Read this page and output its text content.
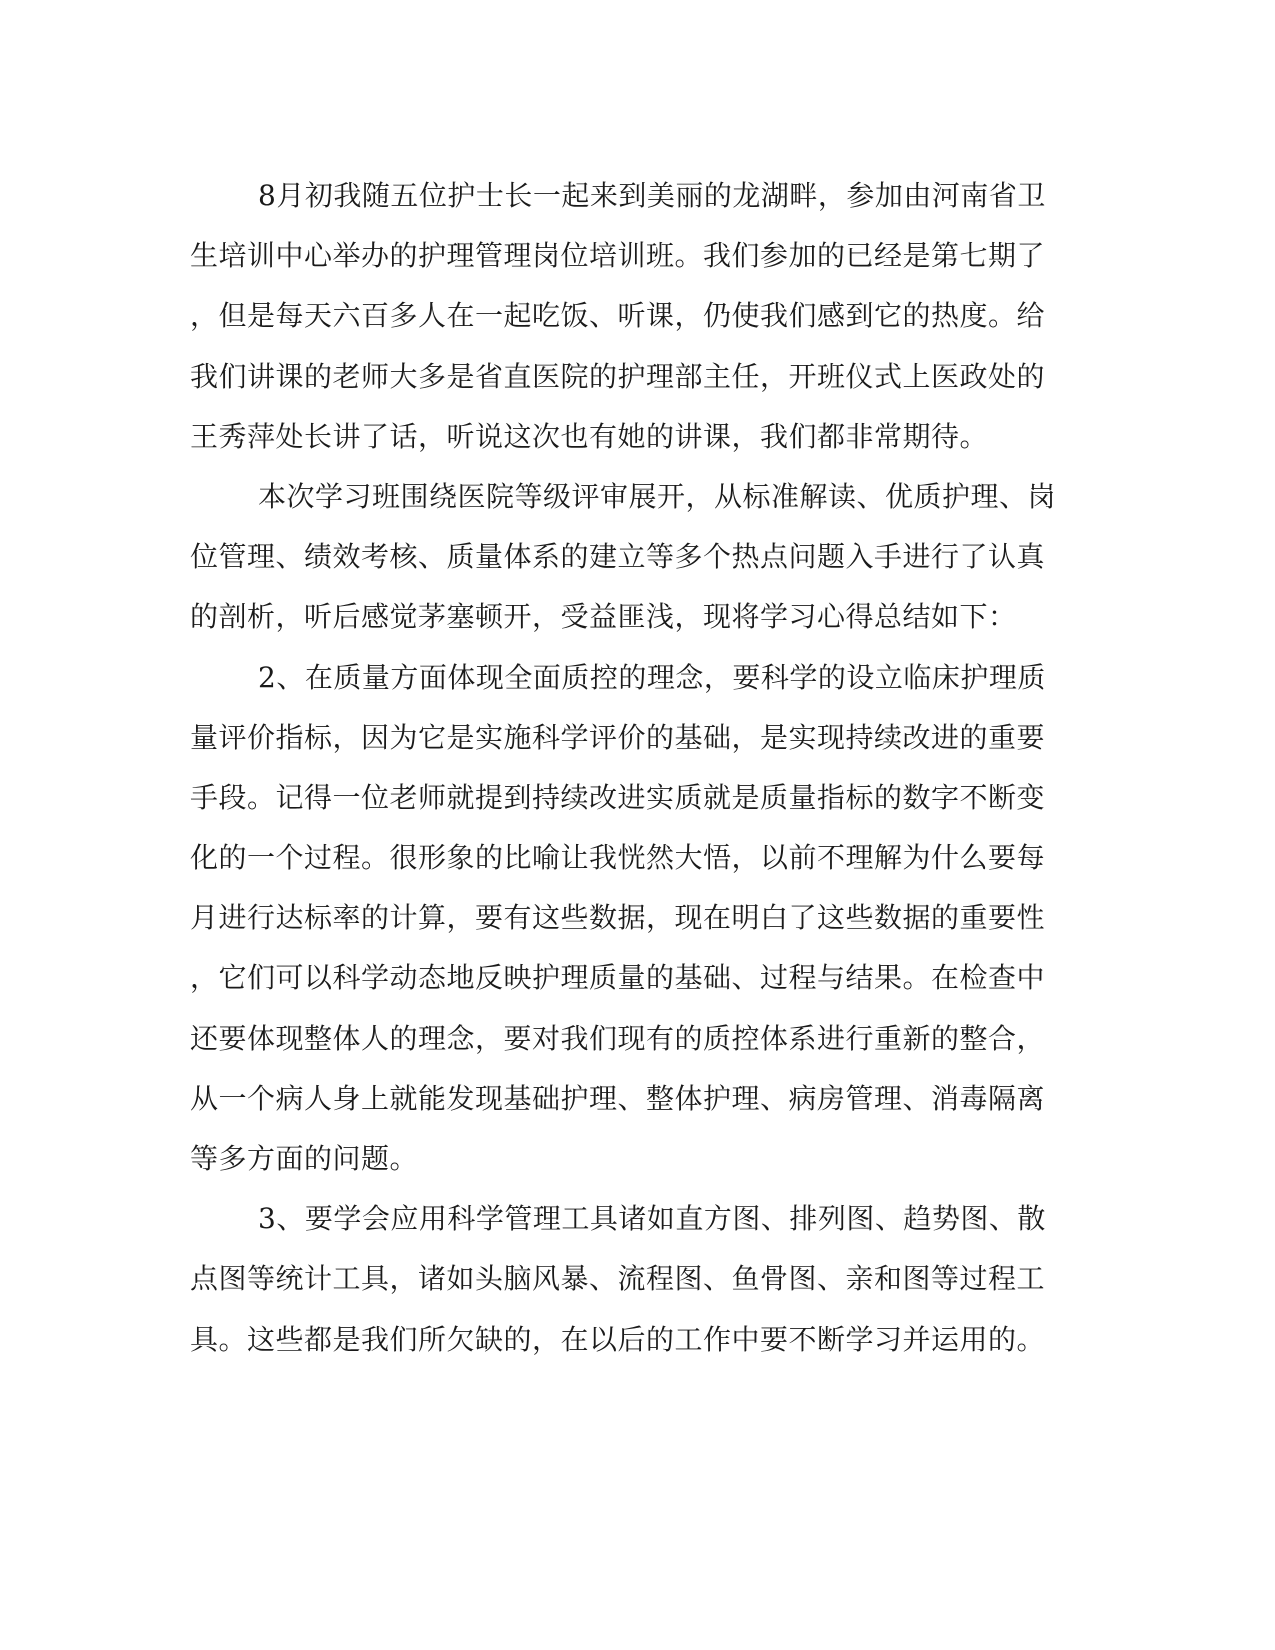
8月初我随五位护士长一起来到美丽的龙湖畔，参加由河南省卫
生培训中心举办的护理管理岗位培训班。我们参加的已经是第七期了
，但是每天六百多人在一起吃饭、听课，仍使我们感到它的热度。给
我们讲课的老师大多是省直医院的护理部主任，开班仪式上医政处的
王秀萍处长讲了话，听说这次也有她的讲课，我们都非常期待。
本次学习班围绕医院等级评审展开，从标准解读、优质护理、岗
位管理、绩效考核、质量体系的建立等多个热点问题入手进行了认真
的剖析，听后感觉茅塞顿开，受益匪浅，现将学习心得总结如下：
2、在质量方面体现全面质控的理念，要科学的设立临床护理质
量评价指标，因为它是实施科学评价的基础，是实现持续改进的重要
手段。记得一位老师就提到持续改进实质就是质量指标的数字不断变
化的一个过程。很形象的比喻让我恍然大悟，以前不理解为什么要每
月进行达标率的计算，要有这些数据，现在明白了这些数据的重要性
，它们可以科学动态地反映护理质量的基础、过程与结果。在检查中
还要体现整体人的理念，要对我们现有的质控体系进行重新的整合，
从一个病人身上就能发现基础护理、整体护理、病房管理、消毒隔离
等多方面的问题。
3、要学会应用科学管理工具诸如直方图、排列图、趋势图、散
点图等统计工具，诸如头脑风暴、流程图、鱼骨图、亲和图等过程工
具。这些都是我们所欠缺的，在以后的工作中要不断学习并运用的。
